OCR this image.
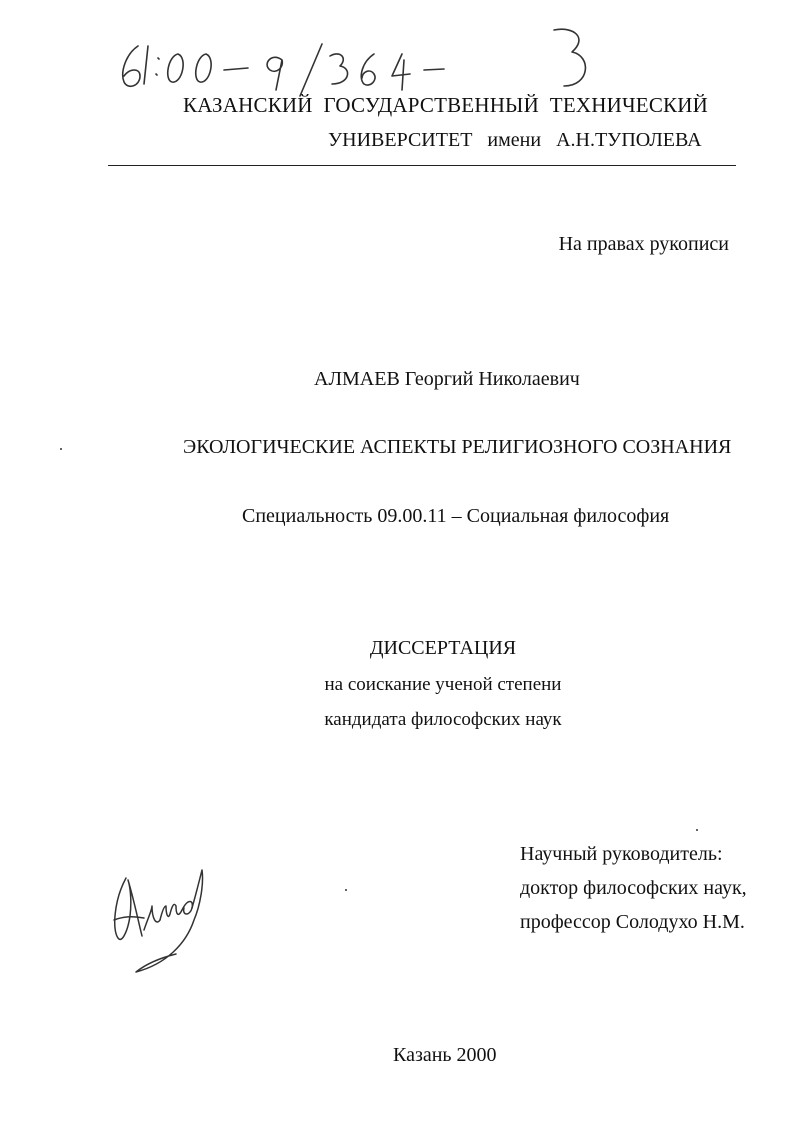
КАЗАНСКИЙ ГОСУДАРСТВЕННЫЙ ТЕХНИЧЕСКИЙ
УНИВЕРСИТЕТ имени А.Н.ТУПОЛЕВА
На правах рукописи
АЛМАЕВ Георгий Николаевич
ЭКОЛОГИЧЕСКИЕ АСПЕКТЫ РЕЛИГИОЗНОГО СОЗНАНИЯ
Специальность 09.00.11 – Социальная философия
ДИССЕРТАЦИЯ
на соискание ученой степени
кандидата философских наук
Научный руководитель:
доктор философских наук,
профессор Солодухо Н.М.
Казань 2000
